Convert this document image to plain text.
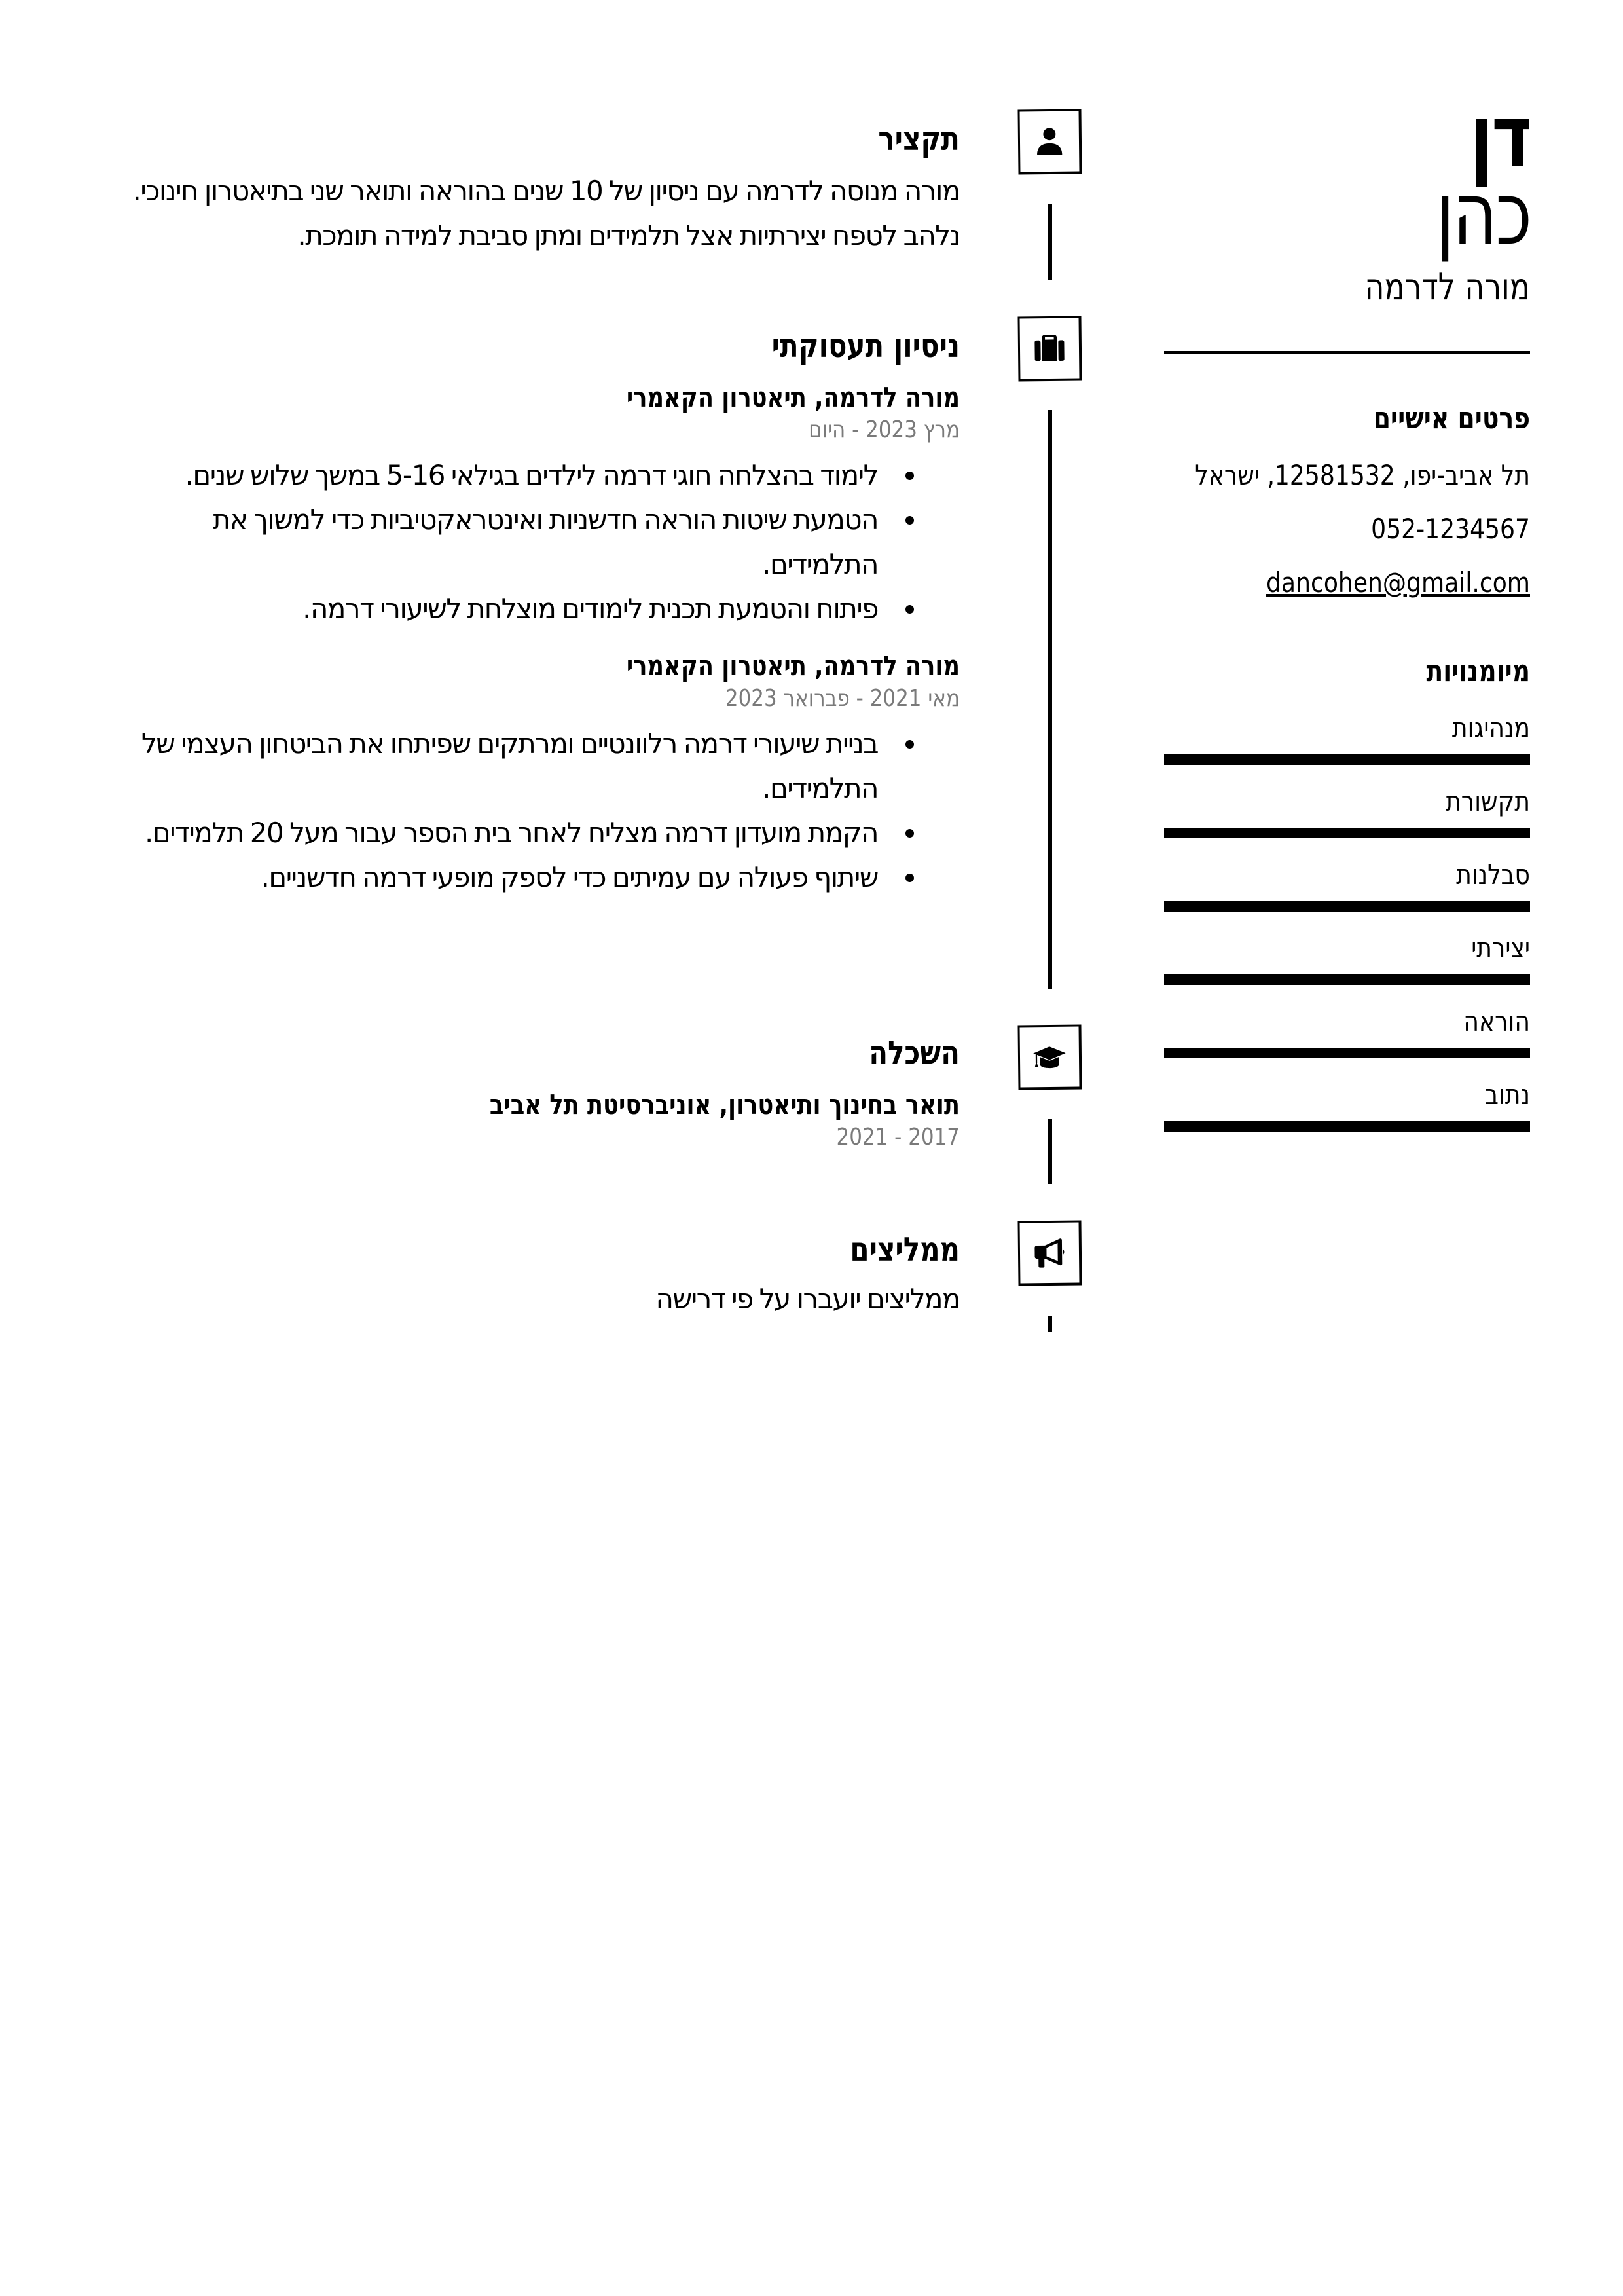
דן
כהן
מורה לדרמה
פרטים אישיים
תל אביב-יפו, 12581532, ישראל
052-1234567
dancohen@gmail.com
מיומנויות
מנהיגות
תקשורת
סבלנות
יצירתי
הוראה
נתוב
תקציר

מורה מנוסה לדרמה עם ניסיון של 10 שנים בהוראה ותואר שני בתיאטרון חינוכי. נלהב לטפח יצירתיות אצל תלמידים ומתן סביבת למידה תומכת.

ניסיון תעסוקתי
מורה לדרמה, תיאטרון הקאמרי
מרץ 2023 - היום
לימוד בהצלחה חוגי דרמה לילדים בגילאי 5-16 במשך שלוש שנים.
הטמעת שיטות הוראה חדשניות ואינטראקטיביות כדי למשוך את התלמידים.
פיתוח והטמעת תכנית לימודים מוצלחת לשיעורי דרמה.
מורה לדרמה, תיאטרון הקאמרי
מאי 2021 - פברואר 2023
בניית שיעורי דרמה רלוונטיים ומרתקים שפיתחו את הביטחון העצמי של התלמידים.
הקמת מועדון דרמה מצליח לאחר בית הספר עבור מעל 20 תלמידים.
שיתוף פעולה עם עמיתים כדי לספק מופעי דרמה חדשניים.
השכלה
תואר בחינוך ותיאטרון, אוניברסיטת תל אביב
2017 - 2021
ממליצים

ממליצים יועברו על פי דרישה
